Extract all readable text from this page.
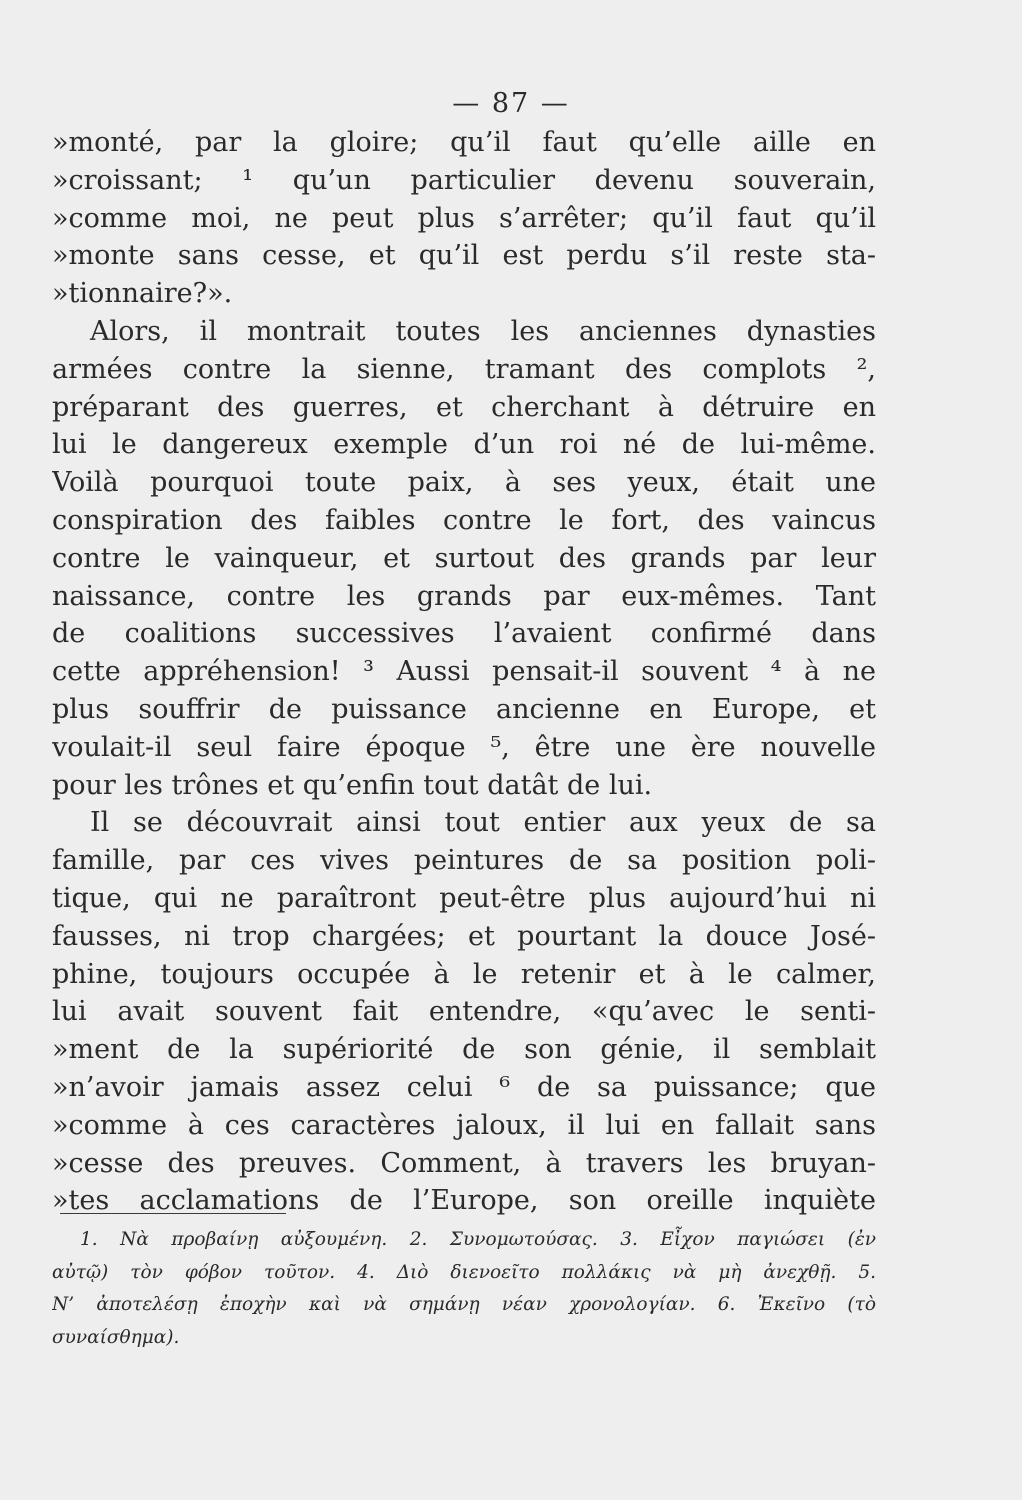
— 87 —
»monté, par la gloire; qu’il faut qu’elle aille en
»croissant; ¹ qu’un particulier devenu souverain,
»comme moi, ne peut plus s’arrêter; qu’il faut qu’il
»monte sans cesse, et qu’il est perdu s’il reste sta-
»tionnaire?».
Alors, il montrait toutes les anciennes dynasties
armées contre la sienne, tramant des complots ²,
préparant des guerres, et cherchant à détruire en
lui le dangereux exemple d’un roi né de lui-même.
Voilà pourquoi toute paix, à ses yeux, était une
conspiration des faibles contre le fort, des vaincus
contre le vainqueur, et surtout des grands par leur
naissance, contre les grands par eux-mêmes. Tant
de coalitions successives l’avaient confirmé dans
cette appréhension! ³ Aussi pensait-il souvent ⁴ à ne
plus souffrir de puissance ancienne en Europe, et
voulait-il seul faire époque ⁵, être une ère nouvelle
pour les trônes et qu’enfin tout datât de lui.
Il se découvrait ainsi tout entier aux yeux de sa
famille, par ces vives peintures de sa position poli-
tique, qui ne paraîtront peut-être plus aujourd’hui ni
fausses, ni trop chargées; et pourtant la douce José-
phine, toujours occupée à le retenir et à le calmer,
lui avait souvent fait entendre, «qu’avec le senti-
»ment de la supériorité de son génie, il semblait
»n’avoir jamais assez celui ⁶ de sa puissance; que
»comme à ces caractères jaloux, il lui en fallait sans
»cesse des preuves. Comment, à travers les bruyan-
»tes acclamations de l’Europe, son oreille inquiète
1. Νὰ προβαίνῃ αὐξουμένη. 2. Συνομωτούσας. 3. Εἶχον παγιώσει (ἐν
αὐτῷ) τὸν φόβον τοῦτον. 4. Διὸ διενοεῖτο πολλάκις νὰ μὴ ἀνεχθῇ. 5.
Ν’ ἀποτελέσῃ ἐποχὴν καὶ νὰ σημάνῃ νέαν χρονολογίαν. 6. Ἐκεῖνο (τὸ
συναίσθημα).
